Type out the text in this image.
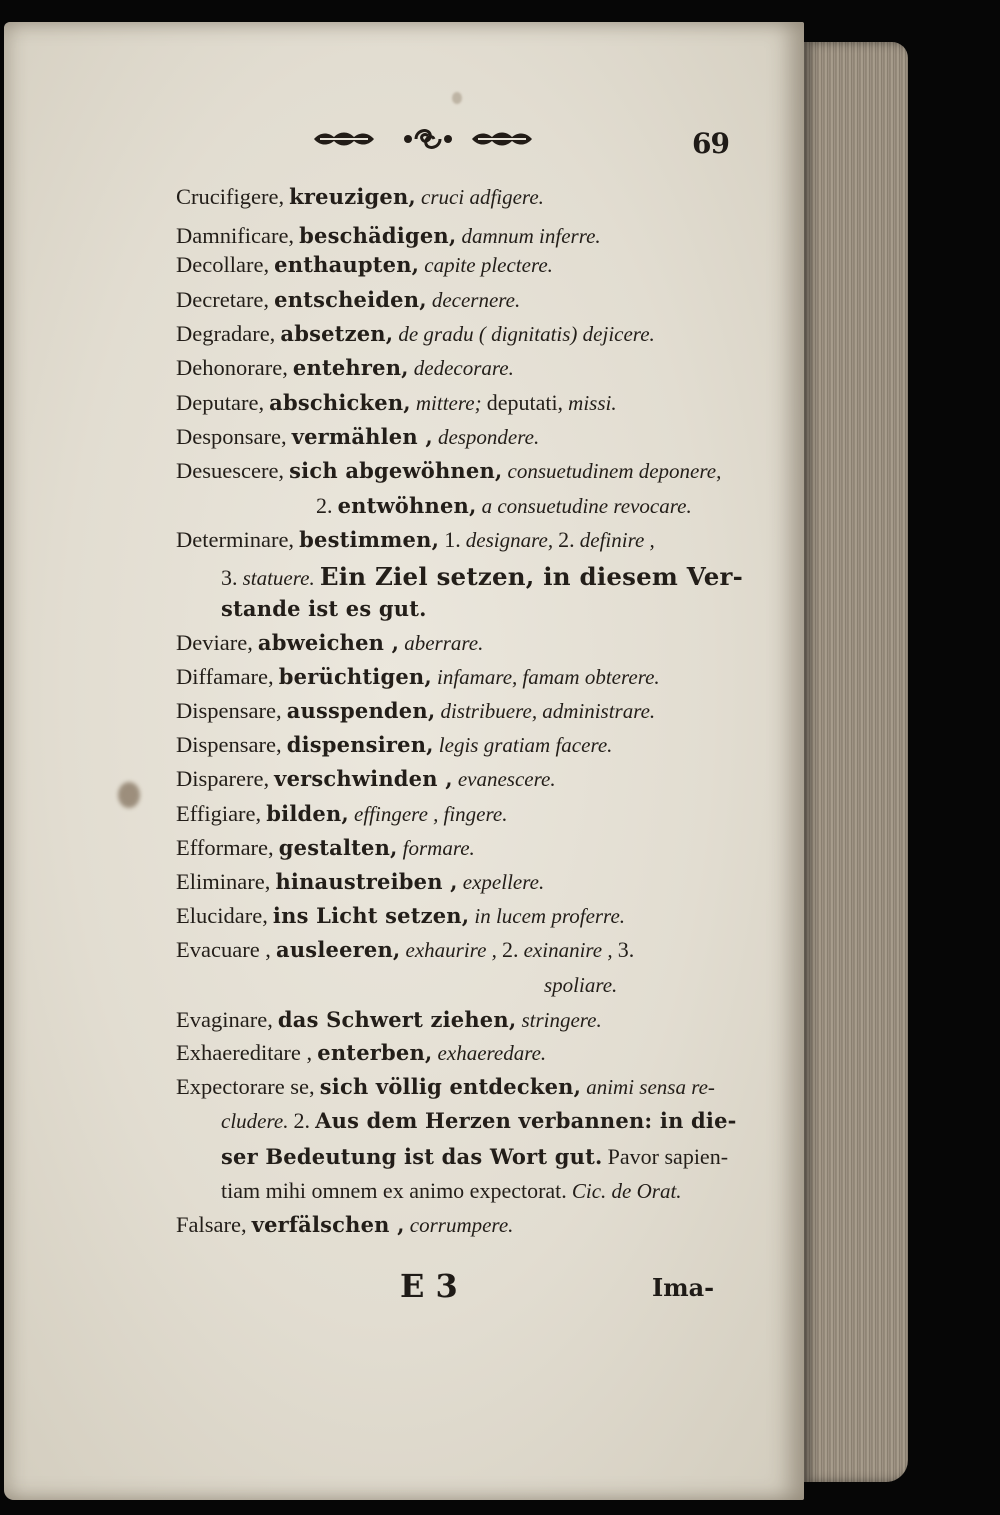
69
Crucifigere, kreuzigen, cruci adfigere.
Damnificare, beschädigen, damnum inferre.
Decollare, enthaupten, capite plectere.
Decretare, entscheiden, decernere.
Degradare, absetzen, de gradu ( dignitatis) dejicere.
Dehonorare, entehren, dedecorare.
Deputare, abschicken, mittere; deputati, missi.
Desponsare, vermählen , despondere.
Desuescere, sich abgewöhnen, consuetudinem deponere,
2. entwöhnen, a consuetudine revocare.
Determinare, bestimmen, 1. designare, 2. definire ,
3. statuere. Ein Ziel setzen, in diesem Ver-
stande ist es gut.
Deviare, abweichen , aberrare.
Diffamare, berüchtigen, infamare, famam obterere.
Dispensare, ausspenden, distribuere, administrare.
Dispensare, dispensiren, legis gratiam facere.
Disparere, verschwinden , evanescere.
Effigiare, bilden, effingere , fingere.
Efformare, gestalten, formare.
Eliminare, hinaustreiben , expellere.
Elucidare, ins Licht setzen, in lucem proferre.
Evacuare , ausleeren, exhaurire , 2. exinanire , 3.
spoliare.
Evaginare, das Schwert ziehen, stringere.
Exhaereditare , enterben, exhaeredare.
Expectorare se, sich völlig entdecken, animi sensa re-
cludere. 2. Aus dem Herzen verbannen: in die-
ser Bedeutung ist das Wort gut. Pavor sapien-
tiam mihi omnem ex animo expectorat. Cic. de Orat.
Falsare, verfälschen , corrumpere.
E 3	Ima-
